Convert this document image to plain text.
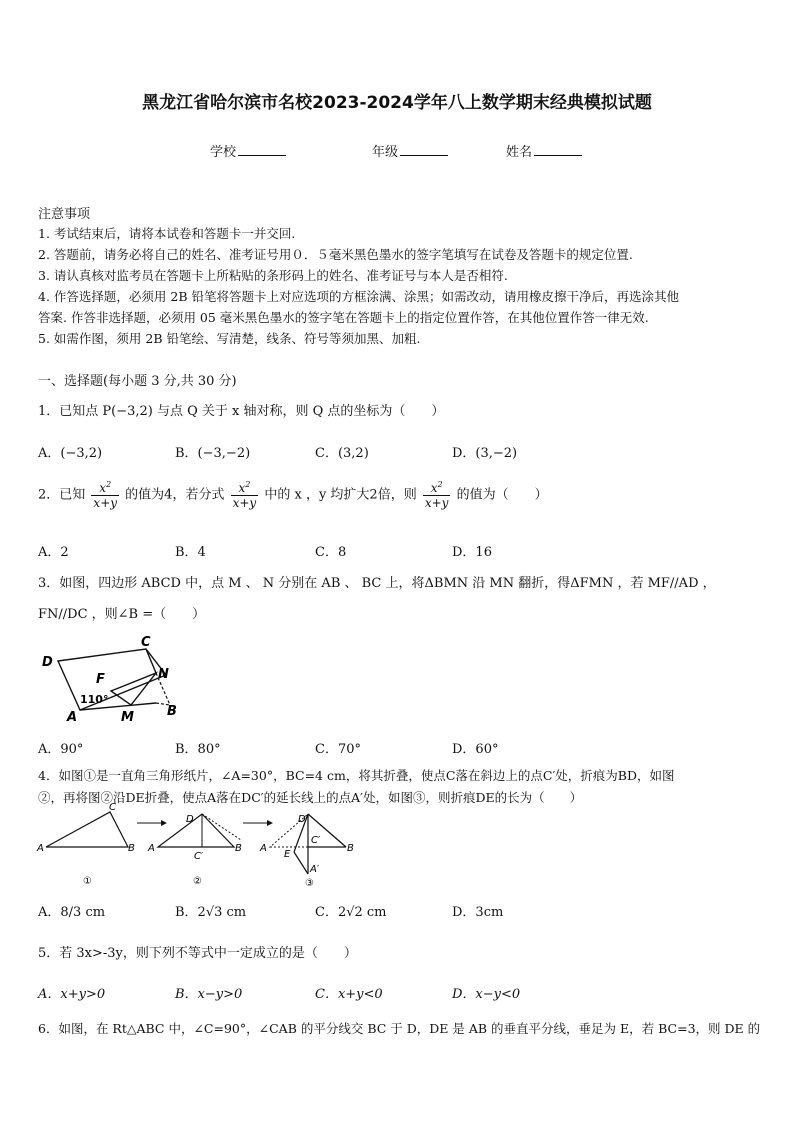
黑龙江省哈尔滨市名校2023-2024学年八上数学期末经典模拟试题
学校	年级	姓名
注意事项
1. 考试结束后，请将本试卷和答题卡一并交回.
2. 答题前，请务必将自己的姓名、准考证号用０．５毫米黑色墨水的签字笔填写在试卷及答题卡的规定位置.
3. 请认真核对监考员在答题卡上所粘贴的条形码上的姓名、准考证号与本人是否相符.
4. 作答选择题，必须用 2B 铅笔将答题卡上对应选项的方框涂满、涂黑；如需改动，请用橡皮擦干净后，再选涂其他
答案. 作答非选择题，必须用 05 毫米黑色墨水的签字笔在答题卡上的指定位置作答，在其他位置作答一律无效.
5. 如需作图，须用 2B 铅笔绘、写清楚，线条、符号等须加黑、加粗.
一、选择题(每小题 3 分,共 30 分)
1．已知点 P(−3,2) 与点 Q 关于 x 轴对称，则 Q 点的坐标为（　　）
A．(−3,2)	B．(−3,−2)	C．(3,2)	D．(3,−2)
2．已知 $\frac{x^2}{x+y}$ 的值为4，若分式 $\frac{x^2}{x+y}$ 中的 x ，y 均扩大2倍，则 $\frac{x^2}{x+y}$ 的值为（　　）
A．2	B．4	C．8	D．16
3．如图，四边形 ABCD 中，点 M 、 N 分别在 AB 、 BC 上，将ΔBMN 沿 MN 翻折，得ΔFMN ，若 MF//AD ，
FN//DC ，则∠B =（　　）
C
D
N
F
110°
A	M	B
A．90°	B．80°	C．70°	D．60°
4．如图①是一直角三角形纸片，∠A=30°，BC=4 cm，将其折叠，使点C落在斜边上的点C′处，折痕为BD，如图
②，再将图②沿DE折叠，使点A落在DC′的延长线上的点A′处，如图③，则折痕DE的长为（　　）
A	B
C
①
A	B
D
C′
②
A	B
D
E
C′
A′
③
A．8/3 cm	B．2√3 cm	C．2√2 cm	D．3cm
5．若 3x>-3y，则下列不等式中一定成立的是（　　）
A．x+y>0	B．x−y>0	C．x+y<0	D．x−y<0
6．如图，在 Rt△ABC 中，∠C=90°，∠CAB 的平分线交 BC 于 D，DE 是 AB 的垂直平分线，垂足为 E，若 BC=3，则 DE 的
